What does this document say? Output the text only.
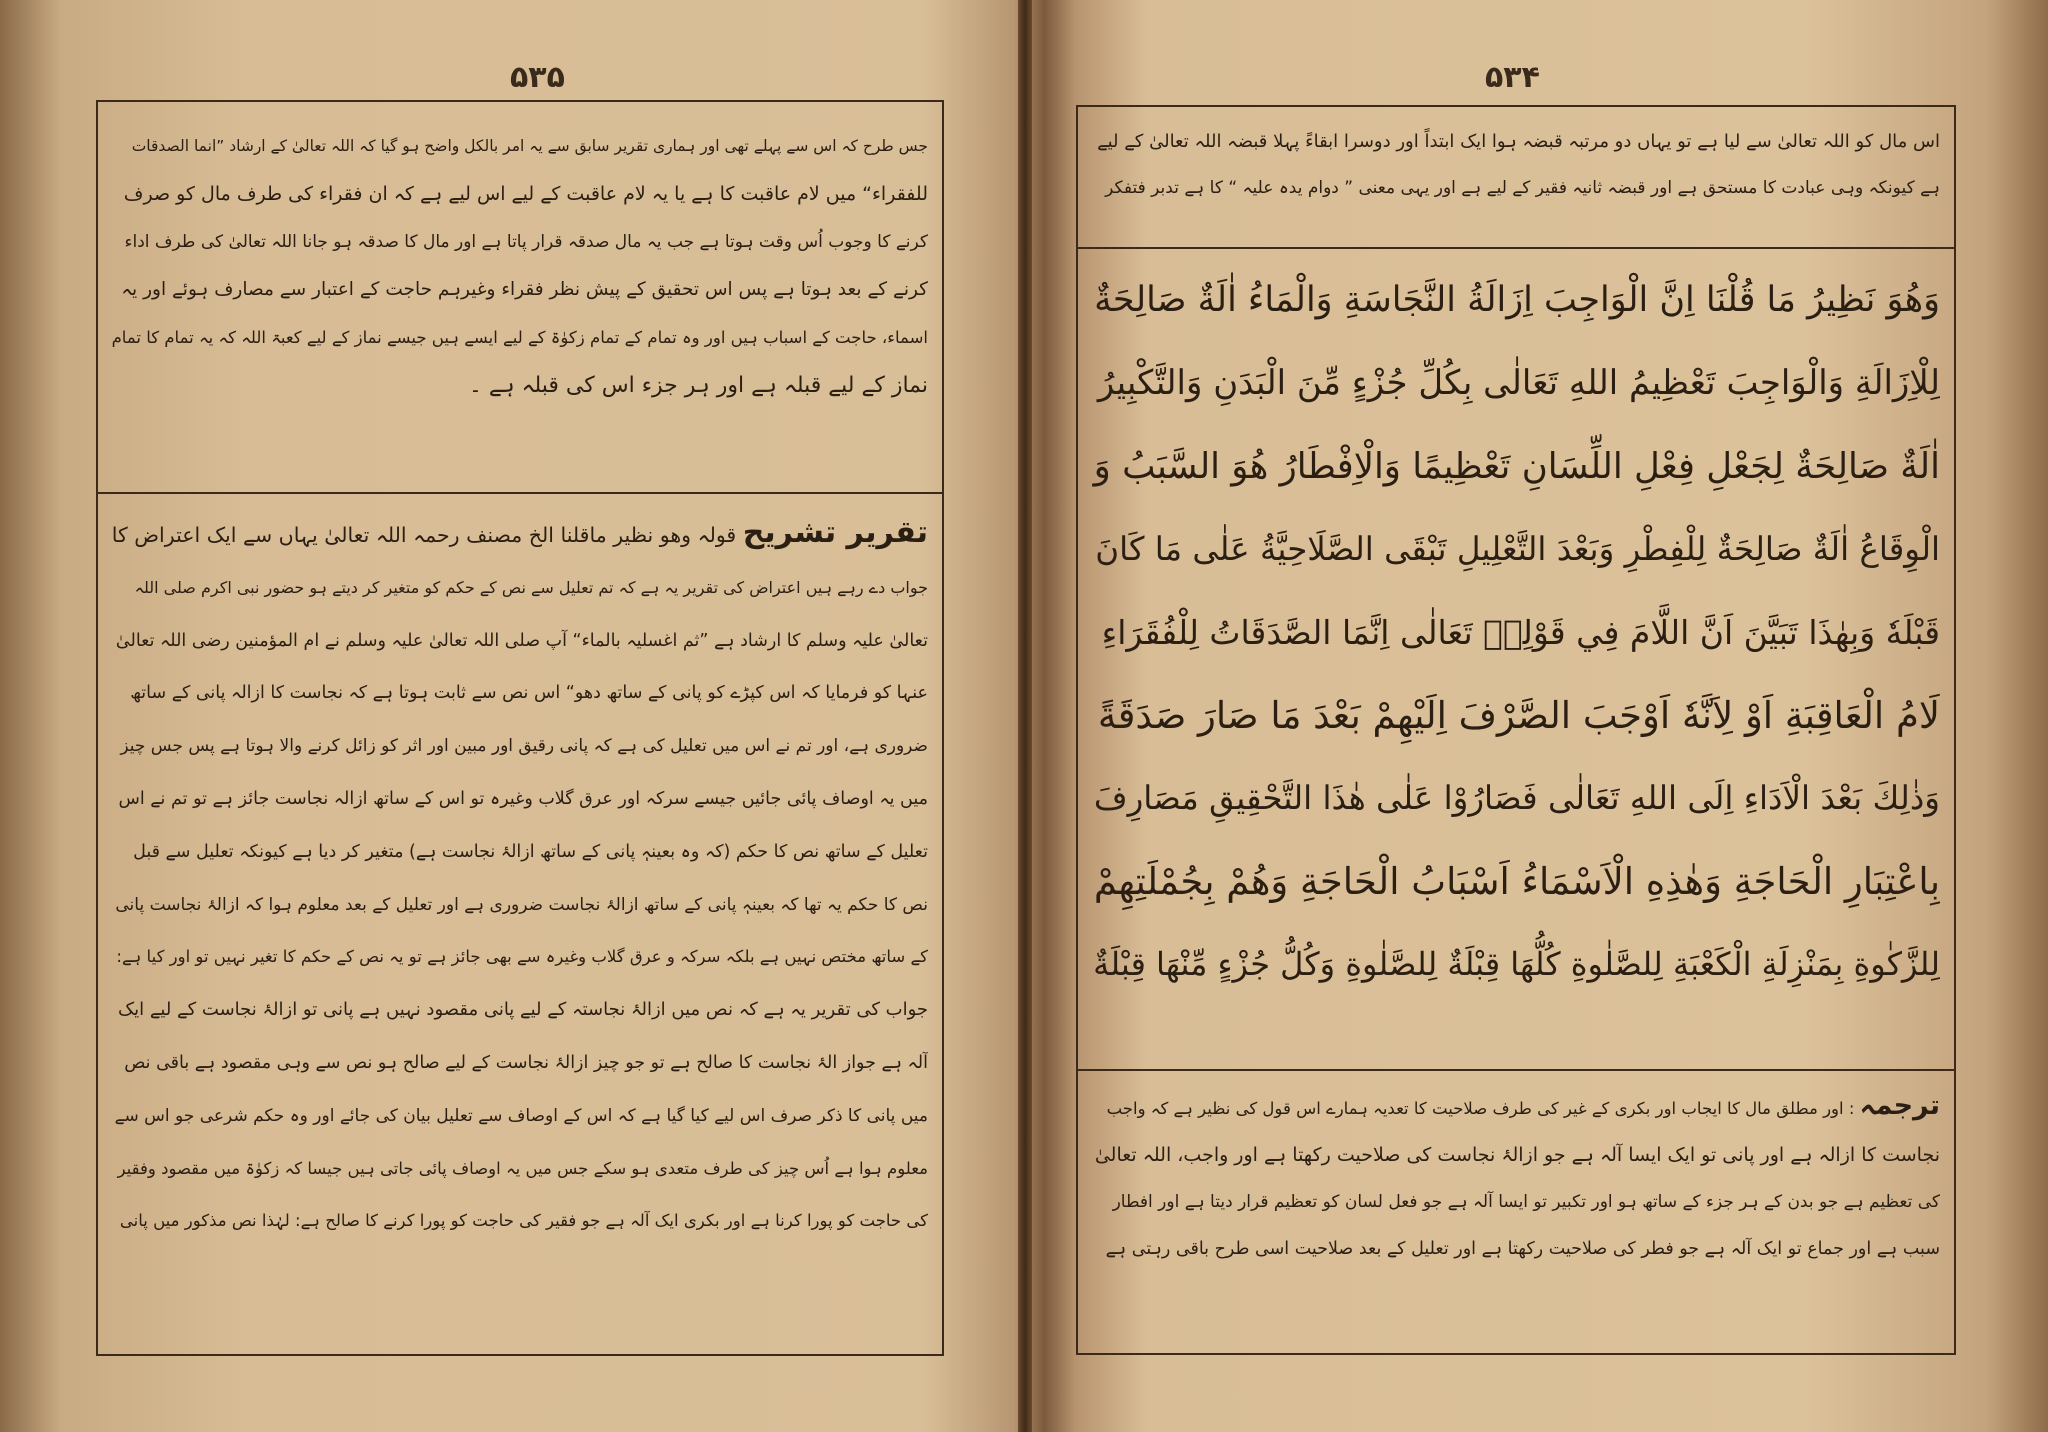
۵۳۵
جس طرح کہ اس سے پہلے تھی اور ہماری تقریر سابق سے یہ امر بالکل واضح ہو گیا کہ اللہ تعالیٰ کے ارشاد ”انما الصدقات
للفقراء“ میں لام عاقبت کا ہے یا یہ لام عاقبت کے لیے اس لیے ہے کہ ان فقراء کی طرف مال کو صرف
کرنے کا وجوب اُس وقت ہوتا ہے جب یہ مال صدقہ قرار پاتا ہے اور مال کا صدقہ ہو جانا اللہ تعالیٰ کی طرف اداء
کرنے کے بعد ہوتا ہے پس اس تحقیق کے پیش نظر فقراء وغیرہم حاجت کے اعتبار سے مصارف ہوئے اور یہ
اسماء، حاجت کے اسباب ہیں اور وہ تمام کے تمام زکوٰۃ کے لیے ایسے ہیں جیسے نماز کے لیے کعبۃ اللہ کہ یہ تمام کا تمام
نماز کے لیے قبلہ ہے اور ہر جزء اس کی قبلہ ہے ۔
تقریر تشریح قولہ وھو نظیر ماقلنا الخ مصنف رحمہ اللہ تعالیٰ یہاں سے ایک اعتراض کا
جواب دے رہے ہیں اعتراض کی تقریر یہ ہے کہ تم تعلیل سے نص کے حکم کو متغیر کر دیتے ہو حضور نبی اکرم صلی اللہ
تعالیٰ علیہ وسلم کا ارشاد ہے ”ثم اغسلیہ بالماء“ آپ صلی اللہ تعالیٰ علیہ وسلم نے ام المؤمنین رضی اللہ تعالیٰ
عنہا کو فرمایا کہ اس کپڑے کو پانی کے ساتھ دھو“ اس نص سے ثابت ہوتا ہے کہ نجاست کا ازالہ پانی کے ساتھ
ضروری ہے، اور تم نے اس میں تعلیل کی ہے کہ پانی رقیق اور مبین اور اثر کو زائل کرنے والا ہوتا ہے پس جس چیز
میں یہ اوصاف پائی جائیں جیسے سرکہ اور عرق گلاب وغیرہ تو اس کے ساتھ ازالہ نجاست جائز ہے تو تم نے اس
تعلیل کے ساتھ نص کا حکم (کہ وہ بعینہٖ پانی کے ساتھ ازالۂ نجاست ہے) متغیر کر دیا ہے کیونکہ تعلیل سے قبل
نص کا حکم یہ تھا کہ بعینہٖ پانی کے ساتھ ازالۂ نجاست ضروری ہے اور تعلیل کے بعد معلوم ہوا کہ ازالۂ نجاست پانی
کے ساتھ مختص نہیں ہے بلکہ سرکہ و عرق گلاب وغیرہ سے بھی جائز ہے تو یہ نص کے حکم کا تغیر نہیں تو اور کیا ہے:
جواب کی تقریر یہ ہے کہ نص میں ازالۂ نجاستہ کے لیے پانی مقصود نہیں ہے پانی تو ازالۂ نجاست کے لیے ایک
آلہ ہے جواز الۂ نجاست کا صالح ہے تو جو چیز ازالۂ نجاست کے لیے صالح ہو نص سے وہی مقصود ہے باقی نص
میں پانی کا ذکر صرف اس لیے کیا گیا ہے کہ اس کے اوصاف سے تعلیل بیان کی جائے اور وہ حکم شرعی جو اس سے
معلوم ہوا ہے اُس چیز کی طرف متعدی ہو سکے جس میں یہ اوصاف پائی جاتی ہیں جیسا کہ زکوٰۃ میں مقصود وفقیر
کی حاجت کو پورا کرنا ہے اور بکری ایک آلہ ہے جو فقیر کی حاجت کو پورا کرنے کا صالح ہے: لہٰذا نص مذکور میں پانی
۵۳۴
اس مال کو اللہ تعالیٰ سے لیا ہے تو یہاں دو مرتبہ قبضہ ہوا ایک ابتداً اور دوسرا ابقاءً پہلا قبضہ اللہ تعالیٰ کے لیے
ہے کیونکہ وہی عبادت کا مستحق ہے اور قبضہ ثانیہ فقیر کے لیے ہے اور یہی معنی ” دوام یدہ علیہ “ کا ہے تدبر فتفکر
وَهُوَ نَظِيرُ مَا قُلْنَا اِنَّ الْوَاجِبَ اِزَالَةُ النَّجَاسَةِ وَالْمَاءُ اٰلَةٌ صَالِحَةٌ
لِلْاِزَالَةِ وَالْوَاجِبَ تَعْظِيمُ اللهِ تَعَالٰى بِكُلِّ جُزْءٍ مِّنَ الْبَدَنِ وَالتَّكْبِيرُ
اٰلَةٌ صَالِحَةٌ لِجَعْلِ فِعْلِ اللِّسَانِ تَعْظِيمًا وَالْاِفْطَارُ هُوَ السَّبَبُ وَ
الْوِقَاعُ اٰلَةٌ صَالِحَةٌ لِلْفِطْرِ وَبَعْدَ التَّعْلِيلِ تَبْقَى الصَّلَاحِيَّةُ عَلٰى مَا كَانَ
قَبْلَهٗ وَبِهٰذَا تَبَيَّنَ اَنَّ اللَّامَ فِي قَوْلِهٖ تَعَالٰى اِنَّمَا الصَّدَقَاتُ لِلْفُقَرَاءِ
لَامُ الْعَاقِبَةِ اَوْ لِاَنَّهٗ اَوْجَبَ الصَّرْفَ اِلَيْهِمْ بَعْدَ مَا صَارَ صَدَقَةً
وَذٰلِكَ بَعْدَ الْاَدَاءِ اِلَى اللهِ تَعَالٰى فَصَارُوْا عَلٰى هٰذَا التَّحْقِيقِ مَصَارِفَ
بِاعْتِبَارِ الْحَاجَةِ وَهٰذِهِ الْاَسْمَاءُ اَسْبَابُ الْحَاجَةِ وَهُمْ بِجُمْلَتِهِمْ
لِلزَّكٰوةِ بِمَنْزِلَةِ الْكَعْبَةِ لِلصَّلٰوةِ كُلُّهَا قِبْلَةٌ لِلصَّلٰوةِ وَكُلُّ جُزْءٍ مِّنْهَا قِبْلَةٌ
ترجمہ : اور مطلق مال کا ایجاب اور بکری کے غیر کی طرف صلاحیت کا تعدیہ ہمارے اس قول کی نظیر ہے کہ واجب
نجاست کا ازالہ ہے اور پانی تو ایک ایسا آلہ ہے جو ازالۂ نجاست کی صلاحیت رکھتا ہے اور واجب، اللہ تعالیٰ
کی تعظیم ہے جو بدن کے ہر جزء کے ساتھ ہو اور تکبیر تو ایسا آلہ ہے جو فعل لسان کو تعظیم قرار دیتا ہے اور افطار
سبب ہے اور جماع تو ایک آلہ ہے جو فطر کی صلاحیت رکھتا ہے اور تعلیل کے بعد صلاحیت اسی طرح باقی رہتی ہے
